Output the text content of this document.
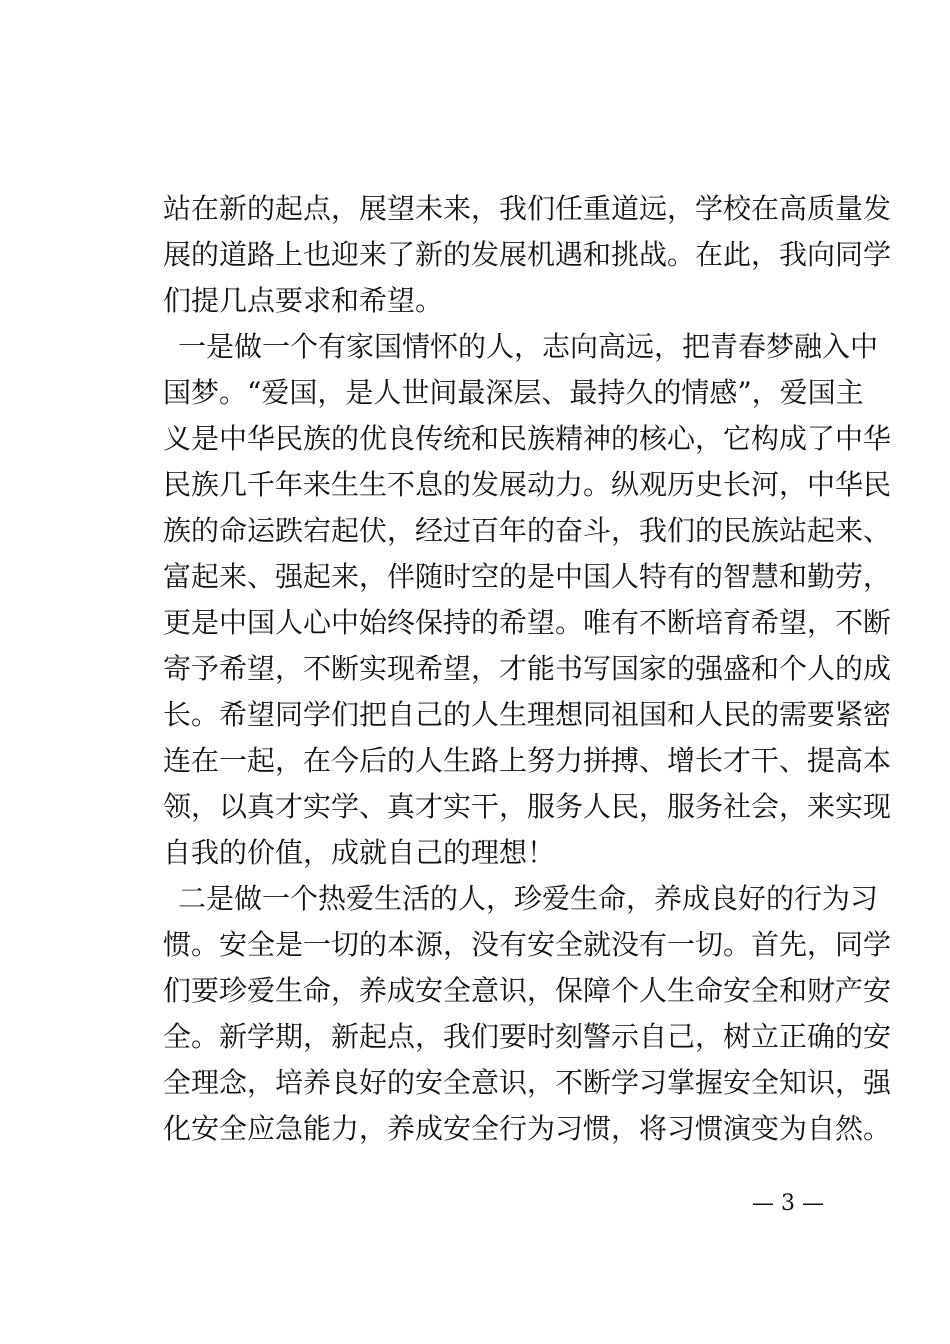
站在新的起点，展望未来，我们任重道远，学校在高质量发
展的道路上也迎来了新的发展机遇和挑战。在此，我向同学
们提几点要求和希望。
一是做一个有家国情怀的人，志向高远，把青春梦融入中
国梦。“爱国，是人世间最深层、最持久的情感”，爱国主
义是中华民族的优良传统和民族精神的核心，它构成了中华
民族几千年来生生不息的发展动力。纵观历史长河，中华民
族的命运跌宕起伏，经过百年的奋斗，我们的民族站起来、
富起来、强起来，伴随时空的是中国人特有的智慧和勤劳，
更是中国人心中始终保持的希望。唯有不断培育希望，不断
寄予希望，不断实现希望，才能书写国家的强盛和个人的成
长。希望同学们把自己的人生理想同祖国和人民的需要紧密
连在一起，在今后的人生路上努力拼搏、增长才干、提高本
领，以真才实学、真才实干，服务人民，服务社会，来实现
自我的价值，成就自己的理想！
二是做一个热爱生活的人，珍爱生命，养成良好的行为习
惯。安全是一切的本源，没有安全就没有一切。首先，同学
们要珍爱生命，养成安全意识，保障个人生命安全和财产安
全。新学期，新起点，我们要时刻警示自己，树立正确的安
全理念，培养良好的安全意识，不断学习掌握安全知识，强
化安全应急能力，养成安全行为习惯，将习惯演变为自然。
— 3 —
